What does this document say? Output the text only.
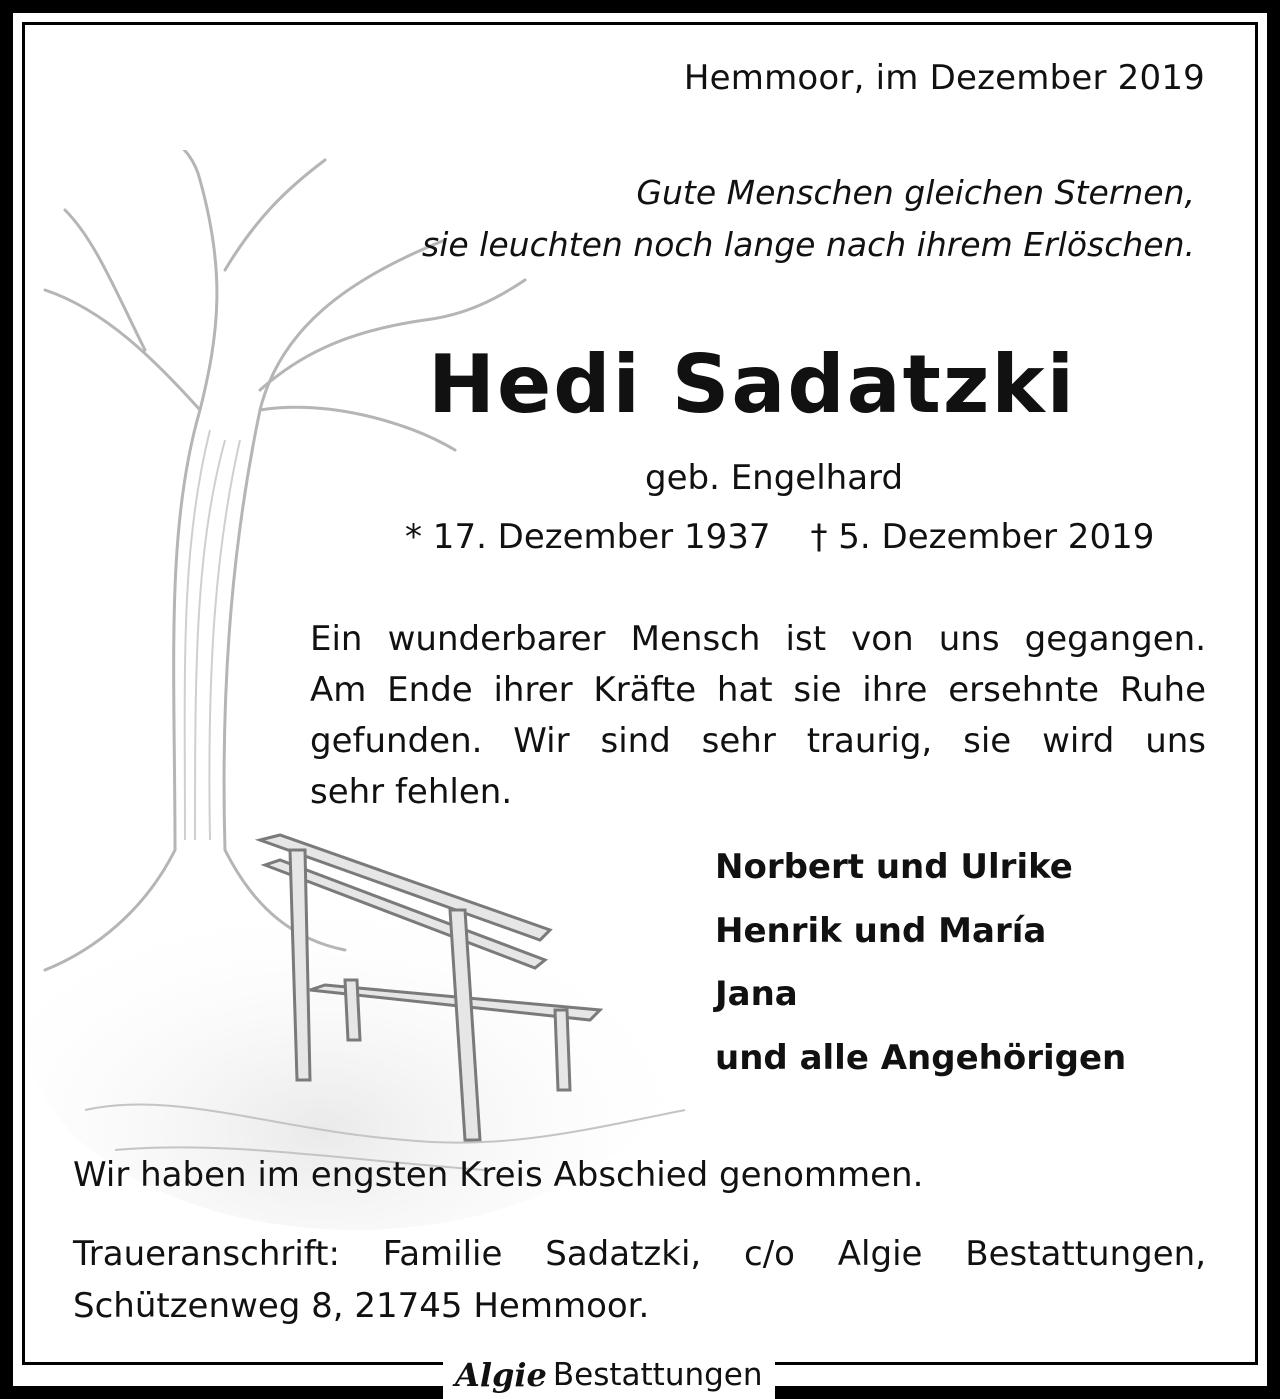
Hemmoor, im Dezember 2019
Gute Menschen gleichen Sternen,
sie leuchten noch lange nach ihrem Erlöschen.
Hedi Sadatzki
geb. Engelhard
* 17. Dezember 1937 † 5. Dezember 2019
Ein wunderbarer Mensch ist von uns gegangen.
Am Ende ihrer Kräfte hat sie ihre ersehnte Ruhe
gefunden. Wir sind sehr traurig, sie wird uns
sehr fehlen.
Norbert und Ulrike
Henrik und María
Jana
und alle Angehörigen
Wir haben im engsten Kreis Abschied genommen.
Traueranschrift: Familie Sadatzki, c/o Algie Bestattungen,
Schützenweg 8, 21745 Hemmoor.
Algie Bestattungen
